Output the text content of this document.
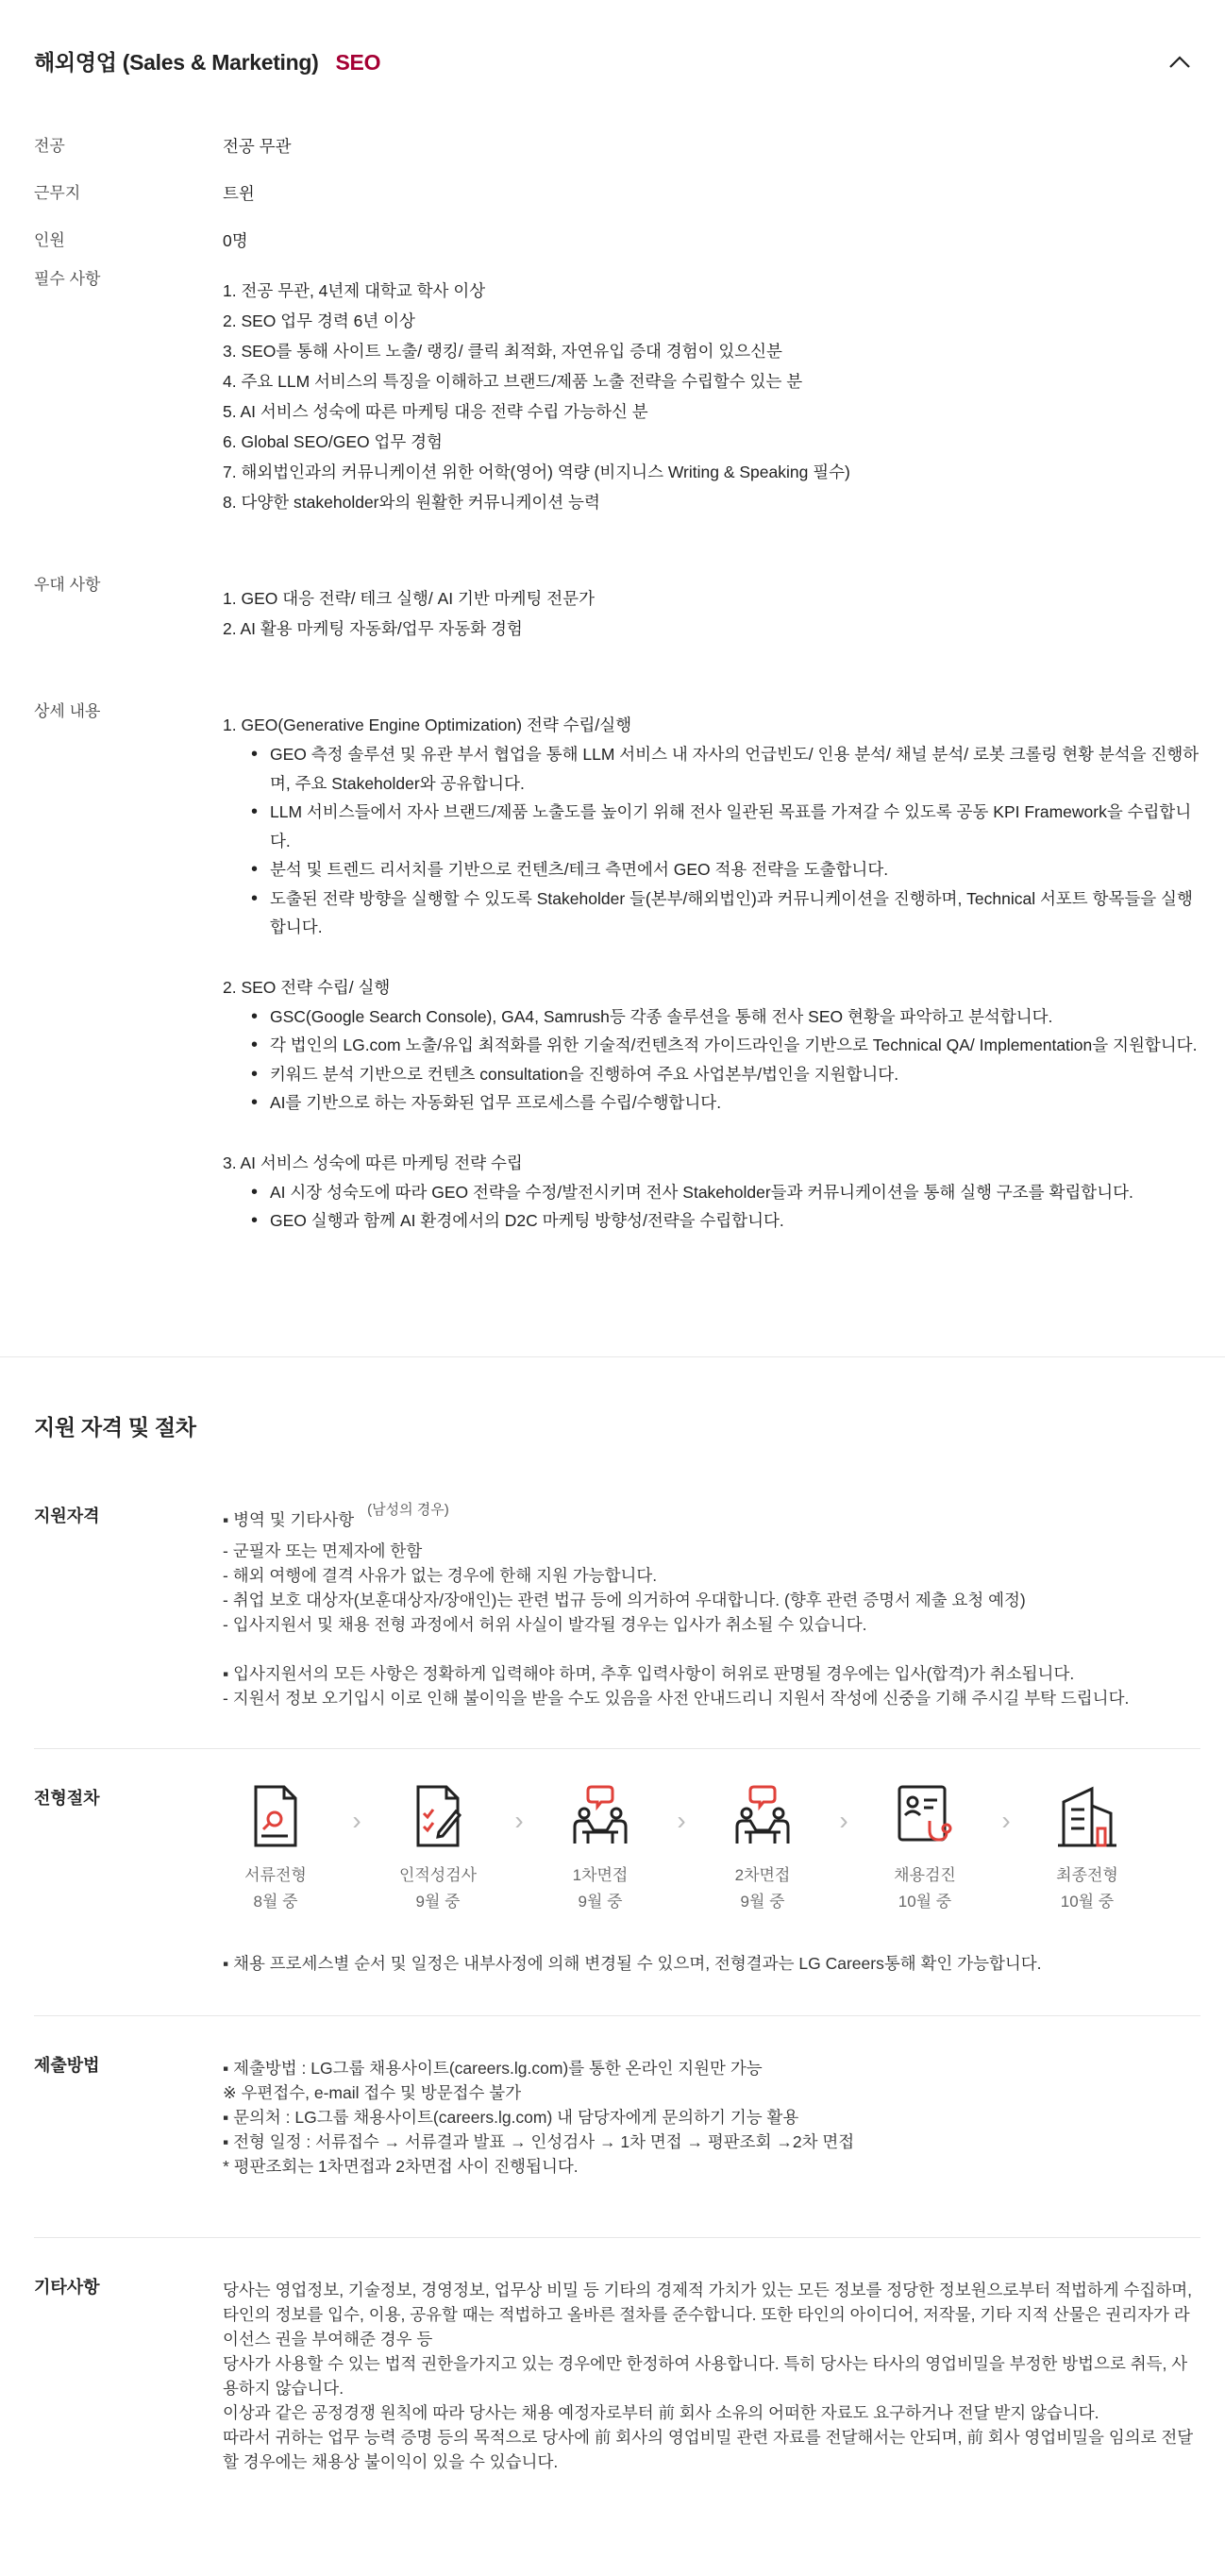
해외영업 (Sales & Marketing) SEO
전공	전공 무관
근무지	트윈
인원	0명
필수 사항
1. 전공 무관, 4년제 대학교 학사 이상
2. SEO 업무 경력 6년 이상
3. SEO를 통해 사이트 노출/ 랭킹/ 클릭 최적화, 자연유입 증대 경험이 있으신분
4. 주요 LLM 서비스의 특징을 이해하고 브랜드/제품 노출 전략을 수립할수 있는 분
5. AI 서비스 성숙에 따른 마케팅 대응 전략 수립 가능하신 분
6. Global SEO/GEO 업무 경험
7. 해외법인과의 커뮤니케이션 위한 어학(영어) 역량 (비지니스 Writing & Speaking 필수)
8. 다양한 stakeholder와의 원활한 커뮤니케이션 능력
우대 사항
1. GEO 대응 전략/ 테크 실행/ AI 기반 마케팅 전문가
2. AI 활용 마케팅 자동화/업무 자동화 경험
상세 내용
1. GEO(Generative Engine Optimization) 전략 수립/실행
• GEO 측정 솔루션 및 유관 부서 협업을 통해 LLM 서비스 내 자사의 언급빈도/ 인용 분석/ 채널 분석/ 로봇 크롤링 현황 분석을 진행하며, 주요 Stakeholder와 공유합니다.
• LLM 서비스들에서 자사 브랜드/제품 노출도를 높이기 위해 전사 일관된 목표를 가져갈 수 있도록 공동 KPI Framework을 수립합니다.
• 분석 및 트렌드 리서치를 기반으로 컨텐츠/테크 측면에서 GEO 적용 전략을 도출합니다.
• 도출된 전략 방향을 실행할 수 있도록 Stakeholder 들(본부/해외법인)과 커뮤니케이션을 진행하며, Technical 서포트 항목들을 실행합니다.
2. SEO 전략 수립/ 실행
• GSC(Google Search Console), GA4, Samrush등 각종 솔루션을 통해 전사 SEO 현황을 파악하고 분석합니다.
• 각 법인의 LG.com 노출/유입 최적화를 위한 기술적/컨텐츠적 가이드라인을 기반으로 Technical QA/ Implementation을 지원합니다.
• 키워드 분석 기반으로 컨텐츠 consultation을 진행하여 주요 사업본부/법인을 지원합니다.
• AI를 기반으로 하는 자동화된 업무 프로세스를 수립/수행합니다.
3. AI 서비스 성숙에 따른 마케팅 전략 수립
• AI 시장 성숙도에 따라 GEO 전략을 수정/발전시키며 전사 Stakeholder들과 커뮤니케이션을 통해 실행 구조를 확립합니다.
• GEO 실행과 함께 AI 환경에서의 D2C 마케팅 방향성/전략을 수립합니다.
지원 자격 및 절차
지원자격	▪ 병역 및 기타사항(남성의 경우)
- 군필자 또는 면제자에 한함
- 해외 여행에 결격 사유가 없는 경우에 한해 지원 가능합니다.
- 취업 보호 대상자(보훈대상자/장애인)는 관련 법규 등에 의거하여 우대합니다. (향후 관련 증명서 제출 요청 예정)
- 입사지원서 및 채용 전형 과정에서 허위 사실이 발각될 경우는 입사가 취소될 수 있습니다.
▪ 입사지원서의 모든 사항은 정확하게 입력해야 하며, 추후 입력사항이 허위로 판명될 경우에는 입사(합격)가 취소됩니다.
- 지원서 정보 오기입시 이로 인해 불이익을 받을 수도 있음을 사전 안내드리니 지원서 작성에 신중을 기해 주시길 부탁 드립니다.
전형절차
서류전형
8월 중
›
인적성검사
9월 중
›
1차면접
9월 중
›
2차면접
9월 중
›
채용검진
10월 중
›
최종전형
10월 중
▪ 채용 프로세스별 순서 및 일정은 내부사정에 의해 변경될 수 있으며, 전형결과는 LG Careers통해 확인 가능합니다.
제출방법	▪ 제출방법 : LG그룹 채용사이트(careers.lg.com)를 통한 온라인 지원만 가능
※ 우편접수, e-mail 접수 및 방문접수 불가
▪ 문의처 : LG그룹 채용사이트(careers.lg.com) 내 담당자에게 문의하기 기능 활용
▪ 전형 일정 : 서류접수 → 서류결과 발표 → 인성검사 → 1차 면접 → 평판조회 →2차 면접
* 평판조회는 1차면접과 2차면접 사이 진행됩니다.
기타사항	당사는 영업정보, 기술정보, 경영정보, 업무상 비밀 등 기타의 경제적 가치가 있는 모든 정보를 정당한 정보원으로부터 적법하게 수집하며, 타인의 정보를 입수, 이용, 공유할 때는 적법하고 올바른 절차를 준수합니다. 또한 타인의 아이디어, 저작물, 기타 지적 산물은 권리자가 라이선스 권을 부여해준 경우 등
당사가 사용할 수 있는 법적 권한을가지고 있는 경우에만 한정하여 사용합니다. 특히 당사는 타사의 영업비밀을 부정한 방법으로 취득, 사용하지 않습니다.
이상과 같은 공정경쟁 원칙에 따라 당사는 채용 예정자로부터 前 회사 소유의 어떠한 자료도 요구하거나 전달 받지 않습니다.
따라서 귀하는 업무 능력 증명 등의 목적으로 당사에 前 회사의 영업비밀 관련 자료를 전달해서는 안되며, 前 회사 영업비밀을 임의로 전달할 경우에는 채용상 불이익이 있을 수 있습니다.
